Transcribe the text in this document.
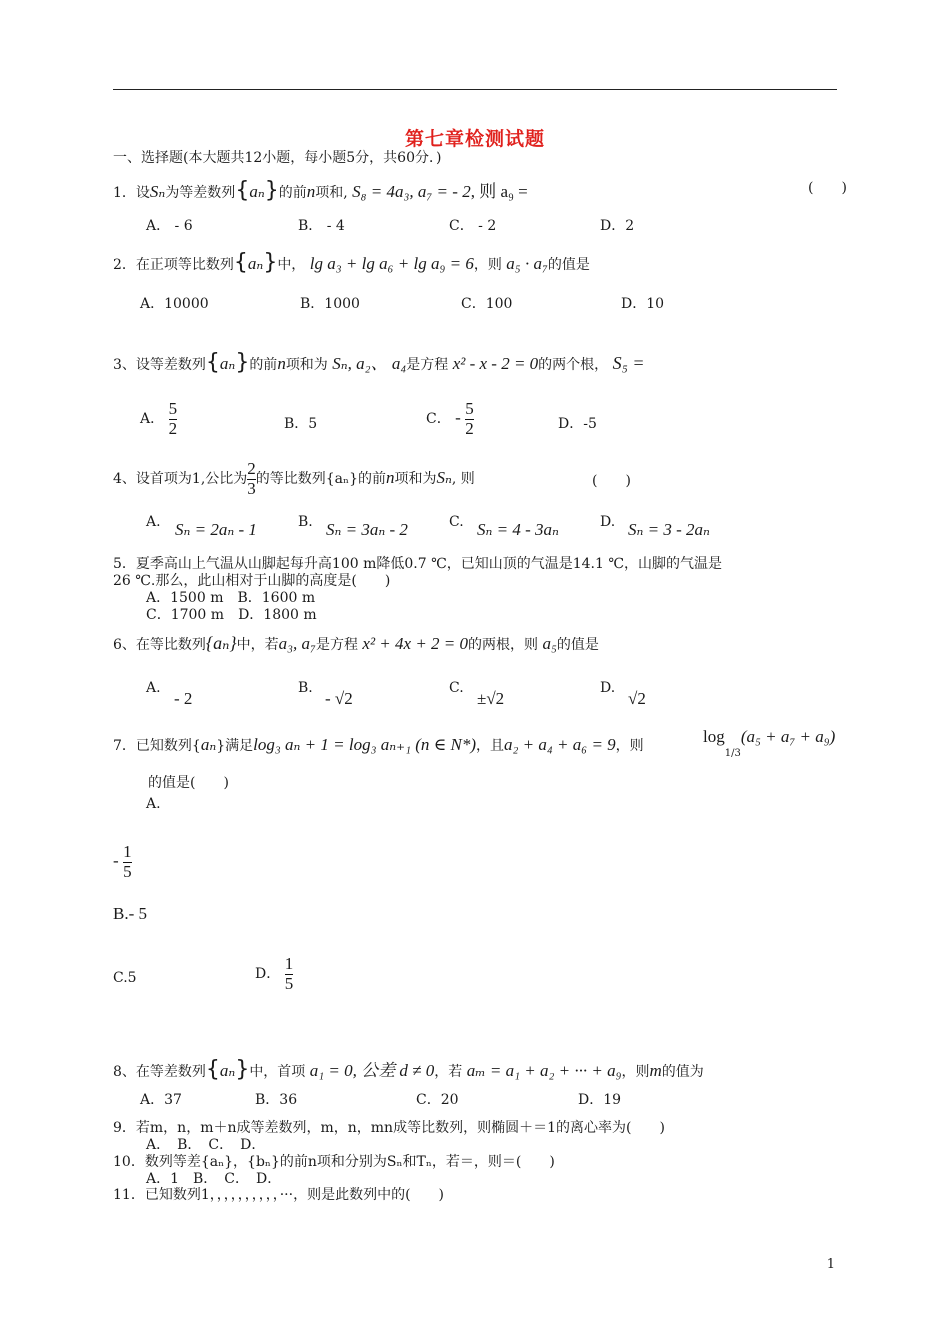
第七章检测试题
一、选择题(本大题共12小题，每小题5分，共60分．)
1．设Sₙ为等差数列{aₙ}的前n项和, S₈ = 4a₃, a₇ = - 2, 则 a₉ =	(　　)
A． - 6	B． - 4	C． - 2	D．2
2．在正项等比数列{aₙ}中， lg a₃ + lg a₆ + lg a₉ = 6，则 a₅ · a₇的值是
A．10000	B．1000	C．100	D．10
3、设等差数列{aₙ}的前n项和为 Sₙ, a₂、 a₄是方程 x² - x - 2 = 0的两个根， S₅ =
A． $\frac{5}{2}$	B．5	C． - $\frac{5}{2}$	D．-5
4、设首项为1,公比为 $\frac{2}{3}$ 的等比数列{aₙ}的前n项和为Sₙ, 则	(　　)
A. Sₙ = 2aₙ - 1	B. Sₙ = 3aₙ - 2	C. Sₙ = 4 - 3aₙ	D. Sₙ = 3 - 2aₙ
5．夏季高山上气温从山脚起每升高100 m降低0.7 ℃，已知山顶的气温是14.1 ℃，山脚的气温是
26 ℃.那么，此山相对于山脚的高度是(　　)
A．1500 m　B．1600 m
C．1700 m　D．1800 m
6、在等比数列{aₙ}中，若a₃, a₇是方程 x² + 4x + 2 = 0的两根，则 a₅的值是
A.
- 2
B.
- √2
C.
±√2
D.
√2
7．已知数列{aₙ}满足log₃ aₙ + 1 = log₃ aₙ₊₁ (n ∈ N*)，且a₂ + a₄ + a₆ = 9，则	$\log_{1/3}(a_5 + a_7 + a_9)$
的值是(　　)
A.
- $\frac{1}{5}$
B.- 5
C.5	D． $\frac{1}{5}$
8、在等差数列{aₙ}中，首项 a₁ = 0, 公差 d ≠ 0，若 aₘ = a₁ + a₂ + ··· + a₉，则m的值为
A．37	B．36	C．20	D．19
9．若m，n，m＋n成等差数列，m，n，mn成等比数列，则椭圆＋＝1的离心率为(　　)
A．　B．　C．　D．
10．数列等差{aₙ}，{bₙ}的前n项和分别为Sₙ和Tₙ，若＝，则＝(　　)
A．1　B．　C．　D．
11．已知数列1，，，，，，，，，，···，则是此数列中的(　　)
1
